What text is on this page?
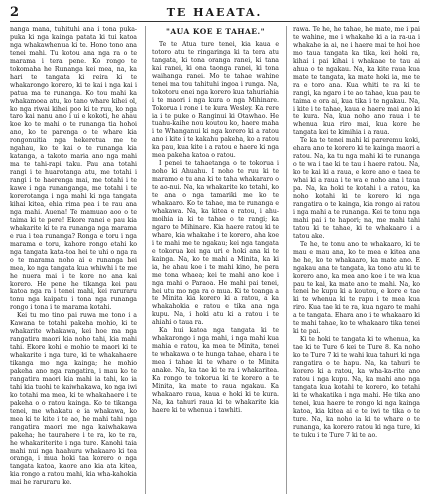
2	TE HAEATA.

nanga mana, tuhituhi ana i tona puka-puka ki nga kainga patata ki tui katoa nga whakawhenua ki te. Hono tono ana tenei mahi. Tu kotou ana nga ra o te marama i tera pene. Ko rongo te tokomaha he Runanga kei mea, na, ka hari te tangata ki reira ki te whakarongo korero, ki te kai i nga kai i patua ma te runanga. Ko tou mahi ka whakamoea atu, ko tano whare kihei ol, ko nga riwai kihei poo ki te ruu, ko nga taro kai nanu ano i ui e kokoti, he ahau koe ko te mahi o te runanga tia hohoi ano, ko te parenga o te whare kia rongonuitia nga hekeretua me te ngahau, ko te kai o te runanga kia katanga, a takoto maria ano nga mahi ma te tahi-rapi taku. Pau ana totahi rangi i te huarotanga atu, me totahi i rangi i te haerenga mai, me totahi i te kawe i nga runanganga, me totahi i te korerotanga i nga mahi ki nga tangata kihai kitea, ehia rima pea i te rau ana nga mahi. Auena! Te mamuao aoo o te taima ki te pere! Ekore ranei e pau kia whakarite ki te ra runanga nga marama e rua i tea runanga? Ronga e toru i nga marama e toru, kahore rongo etahi ko nga tangata kata-toa hei te uhi o nga ra o te marama noho ai e runanga hei mea, ko nga tangata kua whiwhi i te me he nuera mai i te kore no ana kai korero. He pene he tikanga kei pau katoa nga ra i tenei mahi, kei raruraru tonu nga kaipatu i tona nga runanga rongo i tona i te marama kotahi.

Kei tu mo tino pai ruwa me tono i a Kawana te totahi pakeha mohio, ki te whakarite whakawa, kei hoe ma nga rangatira maori kia noho tahi, kia mahi tahi. Ekore kohi e mohio te maori ki te whakarite i nga ture, ki te whakahaere tikanga mo nga kainga; he mohio pakeha ano nga rangatira, i mau ko te rangatira maori kia mahi ia tahi, ko ia tahi kia tuohi te kaiwhakawa, ko nga iwi ko totahi ma mea, ki te whakahaere i te pakeha o o ratou kainga. Ko te tikanga tenei, me whakatu e ia whakawa, ko mea ki te kite i te ao, he mahi tahi nga rangatira maori me nga kaiwhakawa pakeha; he taurahere i te ra, ko te ra, he whakariterite i nga ture. Kanohi taia mahi nui nga haahuru whakaaro ki tea oranga, i mua hoki taa korero o nga tangata katoa, kaore ano kia ata kitea, kia rongo a ratou mahi, kia wha-kahokia mai he raruraru ke.

"AUA KOE E TAHAE."

Te te Atua ture tenei, kia kaua e totoro atu te ringaringa ki ta tera atu tangata, ki tona oranga ranei, ki tana kai ranei, ki ona taonga ranei, ki tona waihanga ranei. Mo te tahae wahine tenei ma tou tahituhi ingoa i runga. Na, tokotoru enei nga korero kua tahuriahia i te maori i nga kura o nga Mihinare. Tokorua i rone i te kura Wesley. Ka rere ia i te puke o Ranginui ki Otawhao. He tuahu-kaihe nou koutou ko, haere maha i te Whanganui ki nga korero ki a ratou ano i kite i te kakahu pakeha, ko a ratou ka pau, kua kite i a ratou e haere ki nga mea pakeha katoa o ratou.

I penei te tahaetanga o te tokorua i noho ki Ahuahu. I noho te ruu ki te maramo e tu ana ki te taha whakararo o te ao-nui. Na, ka whakarite ko tetahi, ko te ana o nga tamariki me ko te whakaaro. Ko te tahae, ma te runanga e whakawa. Na, ka kitea e ratou, i ahu-moihia ia ki te tahae o te rangi; ka ngaro te Mihinare. Kia haere ratou ki te whare, kia whakahe i te korero, aha koe i te mahi me te ngakau; kei nga tangata e tokorua kei nga uri e hoki ana ki te kainga. Na, ko te mahi a Minita, ka ki ia, he ahau koe i te mahi kino, he pera me tona whaea; kei te mahi ano koe i nga mahi o Paraoa. He mahi pai tenei, hei utu mo nga ra o mua. Ki te toanga a te Minita kia korero ki a ratou, a ka whakahokia e ratou e tika ana nga kupu. Na, i hoki atu ki a ratou i te ahiahi o taua ra.

Ka hui katoa nga tangata ki te whakarongo i nga mahi, i nga mahi kua mahia e ratou, ka mea te Minita, tenei te whakawa o te hunga tahae, ehara i te mea i tahae ki te whare o te Minita anake. Na, ka tae ki te ra i whakaritea. Ka rongo te tokorua ki te korero a te Minita, ka mate to raua ngakau. Ka whakaaro raua, kaua e hoki ki te kura. Na, ka tahuri raua ki te whakarite kia haere ki te whenua i tawhiti.

rawa. Te he, he tahae, he mate, me i pai te wahine, me i whakahe ki a ia ra-ua i whakahe ia ai, ne i haere mai te hoi hoe mo taua tangata ka tika, kei hoki ra, kihai i pai kihai i whakaae te tau ai ahua o te ngakau. Na, ka kite raua kua mate te tangata, ka mate hoki ia, me te ra e toro ana. Kua whiti te ra ki te rangi, ka ngaro i te ao tahae, kua pau te taima e ora ai, kua tika i te ngakau. Na, i kite i te tahae, kaua e haere mai ano ki te kura. Na, kua noho ano raua i te whenua kua riro mai, kua kore he tangata kei te kimihia i a raua.

Te ka te tenei mahi ki pareremu koki, ehara ano te korero ki te kainga maori a ratou. Na, ka tu nga mahi ki te runanga o te wa i tae ki te tau i haere ratou. Na, ko te kai ki a raua, e kore ano e taea te whai ki a raua i te wa e noho ana i taua pa. Na, ka hoki te kotahi i a ratou, ka noho kotahi ki te korero ki nga rangatira o te kainga, kia rongo ai ratou i nga mahi a te runanga. Kei te tonu nga mahi pai i te hapori; na, me mahi tahi tatou ki te tahae, ki te whakaaro i a tatou ake.

Te he, te tonu ano te whakaaro, ki te mau e mau ana, ko te mea e kitea ana he he, ko te whakaaro, ka mate ano. E ngakau ana te tangata, ka tono atu ki te korero ano, ka mea ano koe i te wa kua pau te kai, ka mate ano te mahi. Na, ko tenei he kupu ki a koutou, e kore e tae ki te whenua ki te rapu i te mea kua riro. Kua tae ki te ra, kua ngaro te mahi a te tangata. Ehara ano i te whakaaro ki te mahi tahae, ko te whakaaro tika tenei ki te pai.

Ki te hoki te tangata ki te whenua, ka tae ki te Ture 6 kei te Ture 8. Ka noho ko te Ture 7 ki te wahi kua tahuri ki nga rangatira o te hapu. Na, ka tahuri te korero ki a ratou, ka wha-ka-rite ano ratou i nga kupu. Na, ka mahi ano nga tangata kua kotahi te korero, ko tetahi ki te whakatika i nga mahi. He tika ano tenei, kua haere te rongo ki nga kainga katoa, kia kitea ai e te iwi te tika o te ture. Na, ka noho ia ki te whare o te runanga, ka korero ratou ki nga ture, ki te tuku i te Ture 7 ki te ao.
